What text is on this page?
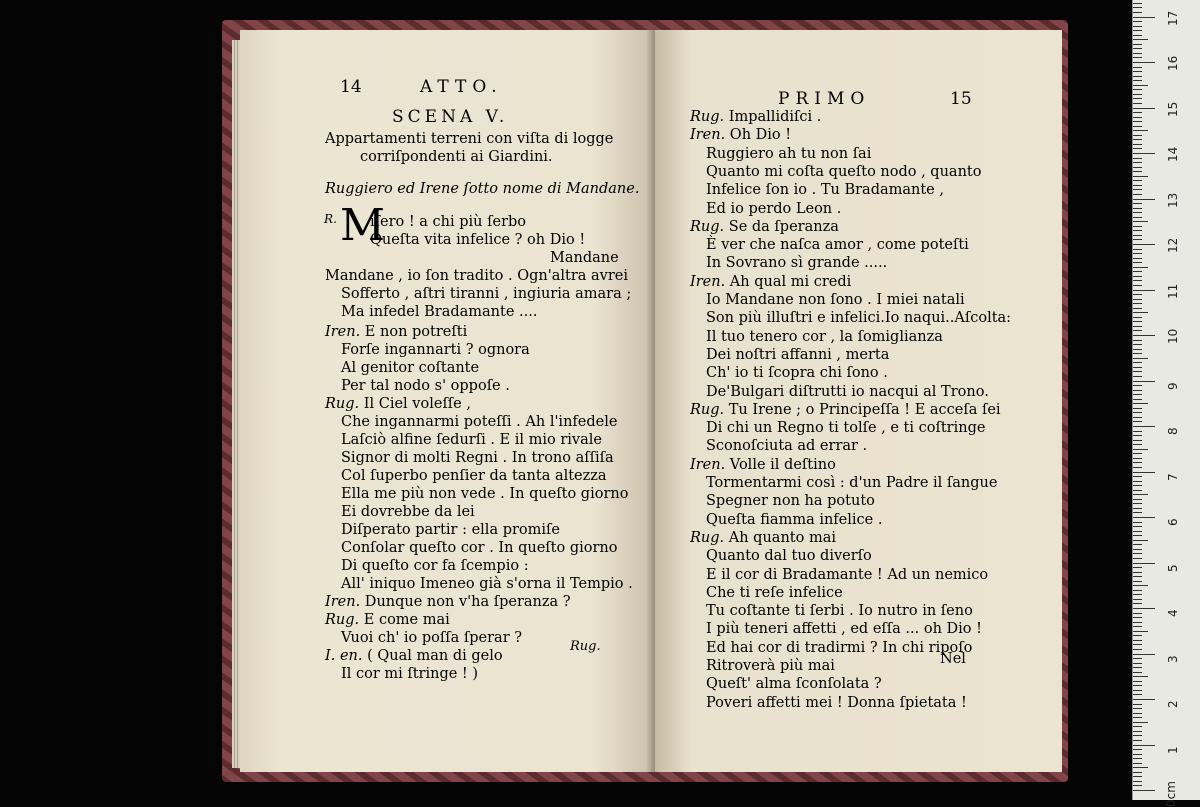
14	ATTO.
SCENA V.
Appartamenti terreni con viſta di logge
corriſpondenti ai Giardini.
Ruggiero ed Irene ſotto nome di Mandane.
R. M
iſero ! a chi più ſerbo
Queſta vita infelice ? oh Dio !
Mandane
Mandane , io ſon tradito . Ogn'altra avrei
Sofferto , aſtri tiranni , ingiuria amara ;
Ma infedel Bradamante ....
Iren. E non potreſti
Forſe ingannarti ? ognora
Al genitor coſtante
Per tal nodo s' oppoſe .
Rug. Il Ciel voleſſe ,
Che ingannarmi poteſſi . Ah l'infedele
Laſciò alfine ſedurſi . E il mio rivale
Signor di molti Regni . In trono aſſiſa
Col ſuperbo penſier da tanta altezza
Ella me più non vede . In queſto giorno
Ei dovrebbe da lei
Diſperato partir : ella promiſe
Conſolar queſto cor . In queſto giorno
Di queſto cor fa ſcempio :
All' iniquo Imeneo già s'orna il Tempio .
Iren. Dunque non v'ha ſperanza ?
Rug. E come mai
Vuoi ch' io poſſa ſperar ?
I. en. ( Qual man di gelo
Il cor mi ſtringe ! )
Rug.
PRIMO	15
Rug. Impallidiſci .
Iren. Oh Dio !
Ruggiero ah tu non ſai
Quanto mi coſta queſto nodo , quanto
Infelice ſon io . Tu Bradamante ,
Ed io perdo Leon .
Rug. Se da ſperanza
È ver che naſca amor , come poteſti
In Sovrano sì grande .....
Iren. Ah qual mi credi
Io Mandane non ſono . I miei natali
Son più illuſtri e infelici.Io naqui..Aſcolta:
Il tuo tenero cor , la ſomiglianza
Dei noſtri affanni , merta
Ch' io ti ſcopra chi ſono .
De'Bulgari diſtrutti io nacqui al Trono.
Rug. Tu Irene ; o Principeſſa ! E acceſa ſei
Di chi un Regno ti tolſe , e ti coſtringe
Sconoſciuta ad errar .
Iren. Volle il deſtino
Tormentarmi così : d'un Padre il ſangue
Spegner non ha potuto
Queſta fiamma infelice .
Rug. Ah quanto mai
Quanto dal tuo diverſo
E il cor di Bradamante ! Ad un nemico
Che ti reſe infelice
Tu coſtante ti ſerbi . Io nutro in ſeno
I più teneri affetti , ed eſſa ... oh Dio !
Ed hai cor di tradirmi ? In chi ripoſo
Ritroverà più mai
Queſt' alma ſconſolata ?
Poveri affetti mei ! Donna ſpietata !
Nel
0cm
1
2
3
4
5
6
7
8
9
10
11
12
13
14
15
16
17
